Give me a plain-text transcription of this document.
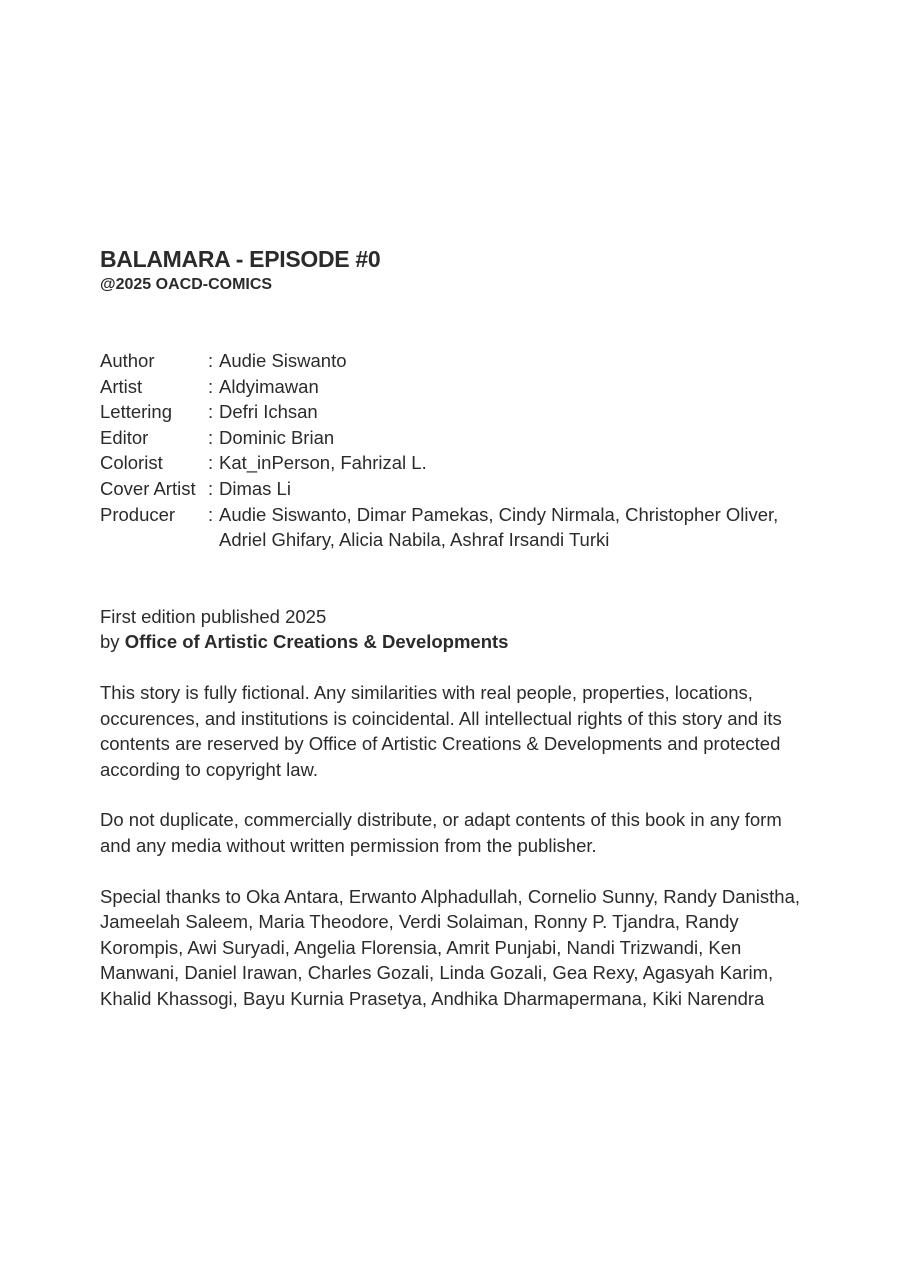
BALAMARA - EPISODE #0

@2025 OACD-COMICS

Author	: Audie Siswanto
Artist	: Aldyimawan
Lettering	: Defri Ichsan
Editor	: Dominic Brian
Colorist	: Kat_inPerson, Fahrizal L.
Cover Artist : Dimas Li
Producer	: Audie Siswanto, Dimar Pamekas, Cindy Nirmala, Christopher Oliver, Adriel Ghifary, Alicia Nabila, Ashraf Irsandi Turki
First edition published 2025
by Office of Artistic Creations & Developments

This story is fully fictional. Any similarities with real people, properties, locations, occurences, and institutions is coincidental. All intellectual rights of this story and its contents are reserved by Office of Artistic Creations & Developments and protected according to copyright law.

Do not duplicate, commercially distribute, or adapt contents of this book in any form and any media without written permission from the publisher.

Special thanks to Oka Antara, Erwanto Alphadullah, Cornelio Sunny, Randy Danistha, Jameelah Saleem, Maria Theodore, Verdi Solaiman, Ronny P. Tjandra, Randy Korompis, Awi Suryadi, Angelia Florensia, Amrit Punjabi, Nandi Trizwandi, Ken Manwani, Daniel Irawan, Charles Gozali, Linda Gozali, Gea Rexy, Agasyah Karim, Khalid Khassogi, Bayu Kurnia Prasetya, Andhika Dharmapermana, Kiki Narendra
